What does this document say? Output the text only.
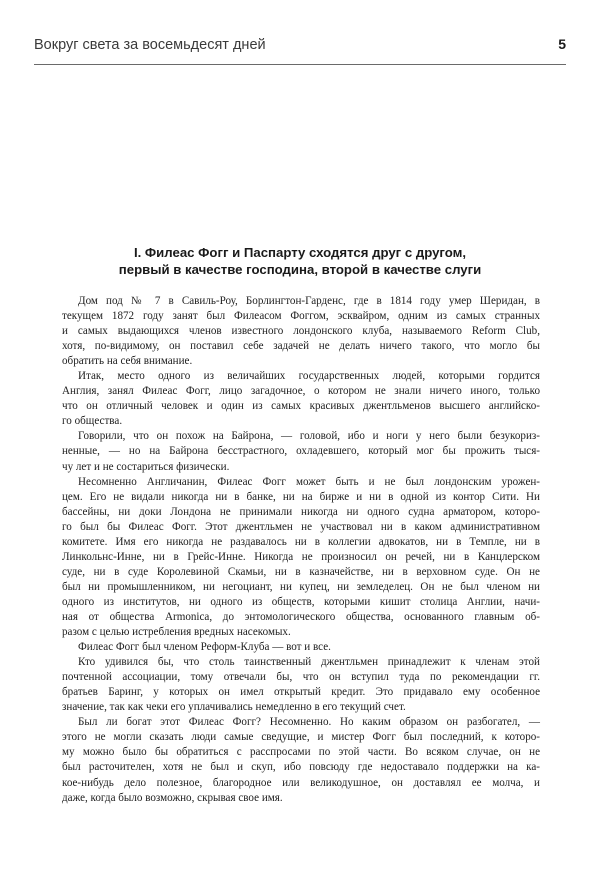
Вокруг света за восемьдесят дней	5
I. Филеас Фогг и Паспарту сходятся друг с другом,
первый в качестве господина, второй в качестве слуги
Дом под № 7 в Савиль-Роу, Борлингтон-Гарденс, где в 1814 году умер Шеридан, в
текущем 1872 году занят был Филеасом Фоггом, эсквайром, одним из самых странных
и самых выдающихся членов известного лондонского клуба, называемого Reform Club,
хотя, по-видимому, он поставил себе задачей не делать ничего такого, что могло бы
обратить на себя внимание.
Итак, место одного из величайших государственных людей, которыми гордится
Англия, занял Филеас Фогг, лицо загадочное, о котором не знали ничего иного, только
что он отличный человек и один из самых красивых джентльменов высшего английско-
го общества.
Говорили, что он похож на Байрона, — головой, ибо и ноги у него были безукориз-
ненные, — но на Байрона бесстрастного, охладевшего, который мог бы прожить тыся-
чу лет и не состариться физически.
Несомненно Англичанин, Филеас Фогг может быть и не был лондонским урожен-
цем. Его не видали никогда ни в банке, ни на бирже и ни в одной из контор Сити. Ни
бассейны, ни доки Лондона не принимали никогда ни одного судна арматором, которо-
го был бы Филеас Фогг. Этот джентльмен не участвовал ни в каком административном
комитете. Имя его никогда не раздавалось ни в коллегии адвокатов, ни в Темпле, ни в
Линкольнс-Инне, ни в Грейс-Инне. Никогда не произносил он речей, ни в Канцлерском
суде, ни в суде Королевиной Скамьи, ни в казначействе, ни в верховном суде. Он не
был ни промышленником, ни негоциант, ни купец, ни земледелец. Он не был членом ни
одного из институтов, ни одного из обществ, которыми кишит столица Англии, начи-
ная от общества Armonica, до энтомологического общества, основанного главным об-
разом с целью истребления вредных насекомых.
Филеас Фогг был членом Реформ-Клуба — вот и все.
Кто удивился бы, что столь таинственный джентльмен принадлежит к членам этой
почтенной ассоциации, тому отвечали бы, что он вступил туда по рекомендации гг.
братьев Баринг, у которых он имел открытый кредит. Это придавало ему особенное
значение, так как чеки его уплачивались немедленно в его текущий счет.
Был ли богат этот Филеас Фогг? Несомненно. Но каким образом он разбогател, —
этого не могли сказать люди самые сведущие, и мистер Фогг был последний, к которо-
му можно было бы обратиться с расспросами по этой части. Во всяком случае, он не
был расточителен, хотя не был и скуп, ибо повсюду где недоставало поддержки на ка-
кое-нибудь дело полезное, благородное или великодушное, он доставлял ее молча, и
даже, когда было возможно, скрывая свое имя.
